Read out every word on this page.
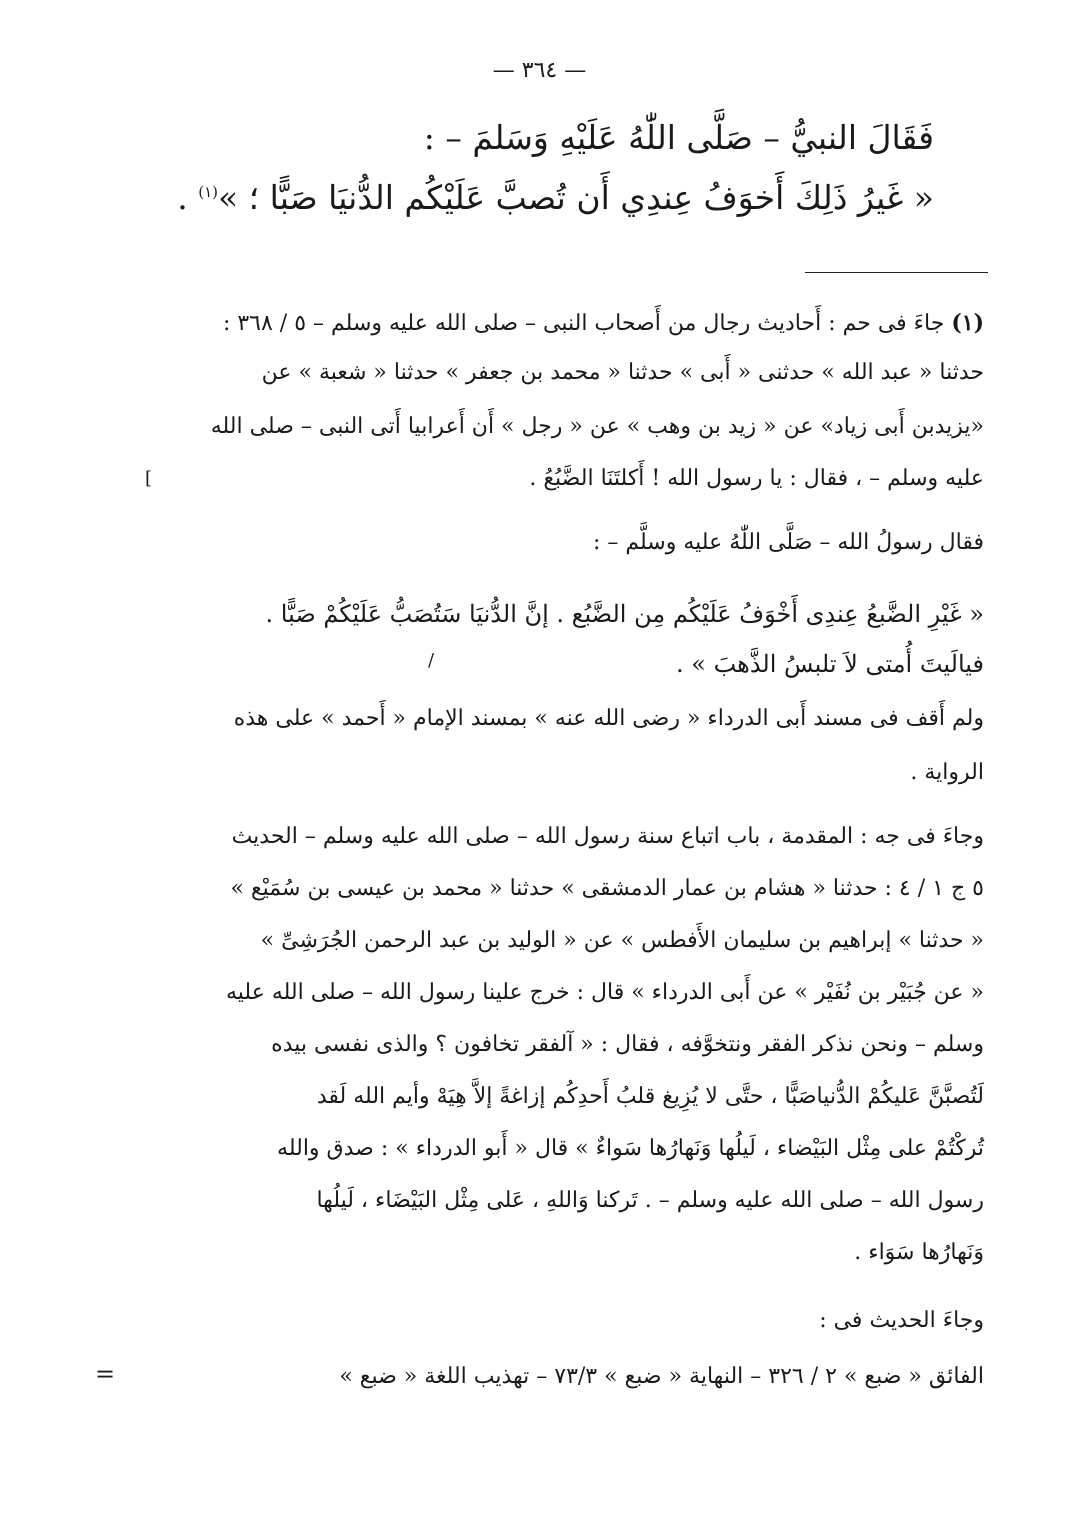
— ٣٦٤ —
فَقَالَ النبيُّ – صَلَّى اللّٰهُ عَلَيْهِ وَسَلمَ – :
« غَيرُ ذَلِكَ أَخوَفُ عِندِي أَن تُصبَّ عَلَيْكُم الدُّنيَا صَبًّا ؛ »$^{(١)}$ .
(١) جاءَ فى حم : أَحاديث رجال من أَصحاب النبى – صلى الله عليه وسلم – ٥ / ٣٦٨ :
حدثنا « عبد الله » حدثنى « أَبى » حدثنا « محمد بن جعفر » حدثنا « شعبة » عن
«يزيدبن أَبى زياد» عن « زيد بن وهب » عن « رجل » أَن أَعرابيا أَتى النبى – صلى الله
عليه وسلم – ، فقال : يا رسول الله ! أَكلتَنَا الضَّبُعُ .
فقال رسولُ الله – صَلَّى اللّٰهُ عليه وسلَّم – :
« غَيْرِ الضَّبعُ عِندِى أَخْوَفُ عَلَيْكُم مِن الضَّبُع . إنَّ الدُّنيَا سَتُصَبُّ عَلَيْكُمْ صَبًّا .
فيالَيتَ أُمتى لاَ تلبسُ الذَّهبَ » .
ولم أَقف فى مسند أَبى الدرداء « رضى الله عنه » بمسند الإمام « أَحمد » على هذه
الرواية .
وجاءَ فى جه : المقدمة ، باب اتباع سنة رسول الله – صلى الله عليه وسلم – الحديث
٥ ج ١ / ٤ : حدثنا « هشام بن عمار الدمشقى » حدثنا « محمد بن عيسى بن سُمَيْع »
« حدثنا » إبراهيم بن سليمان الأَفطس » عن « الوليد بن عبد الرحمن الجُرَشِىِّ »
« عن جُبَيْر بن نُفَيْر » عن أَبى الدرداء » قال : خرج علينا رسول الله – صلى الله عليه
وسلم – ونحن نذكر الفقر ونتخوَّفه ، فقال : « آلفقر تخافون ؟ والذى نفسى بيده
لَتُصبَّنَّ عَليكُمْ الدُّنياصَبًّا ، حتَّى لا يُزِيغ قلبُ أَحدِكُم إزاغةً إلاَّ هِيَهْ وأيم الله لَقد
تُركْتُمْ على مِثْل البَيْضاء ، لَيلُها وَنَهارُها سَواءٌ » قال « أَبو الدرداء » : صدق والله
رسول الله – صلى الله عليه وسلم – . تَركنا وَاللهِ ، عَلى مِثْل البَيْضَاء ، لَيلُها
وَنَهارُها سَوَاء .
وجاءَ الحديث فى :
الفائق « ضبع » ٢ / ٣٢٦ – النهاية « ضبع » ٧٣/٣ – تهذيب اللغة « ضبع »
=
[
/
